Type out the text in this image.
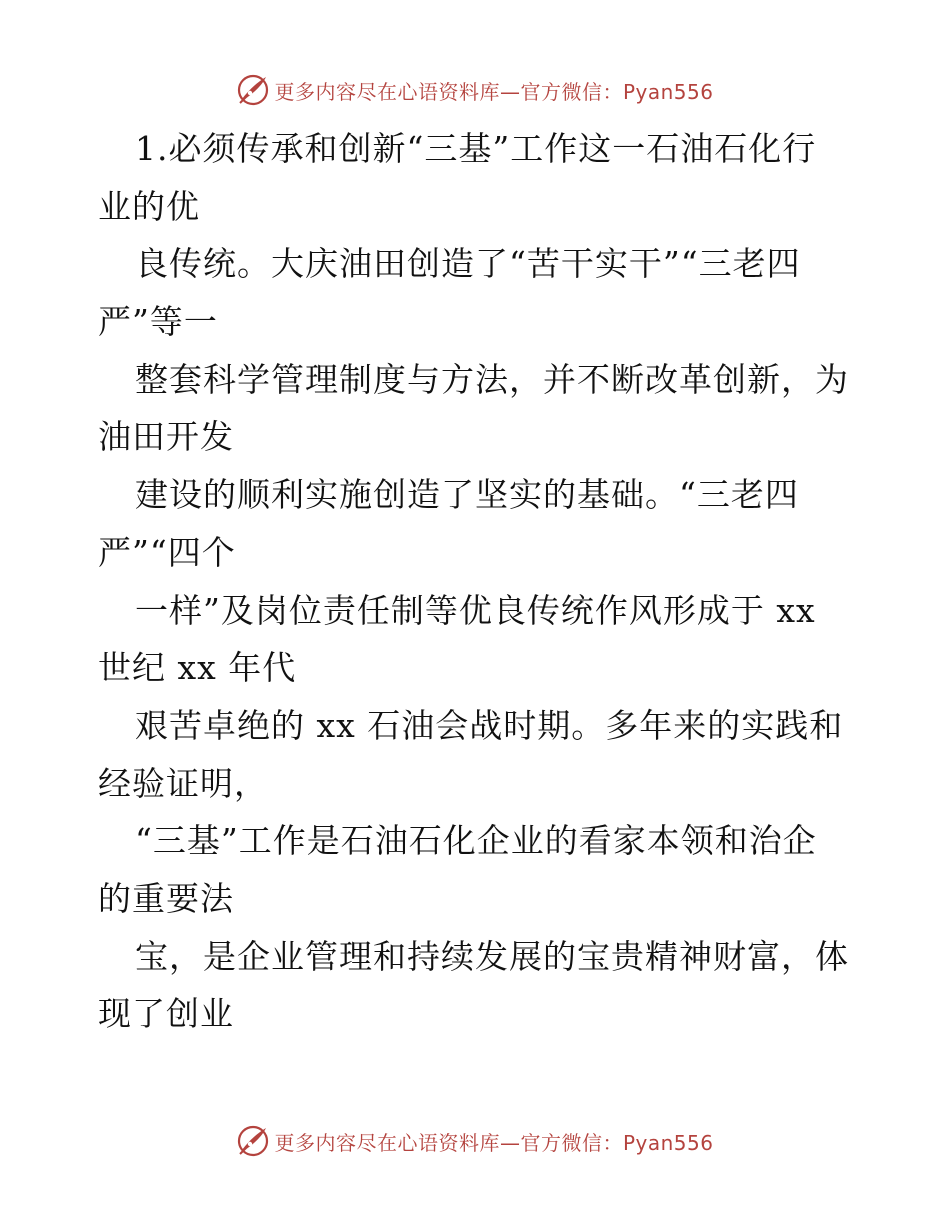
更多内容尽在心语资料库—官方微信：Pyan556
1.必须传承和创新“三基”工作这一石油石化行
业的优
良传统。大庆油田创造了“苦干实干”“三老四
严”等一
整套科学管理制度与方法，并不断改革创新，为
油田开发
建设的顺利实施创造了坚实的基础。“三老四
严”“四个
一样”及岗位责任制等优良传统作风形成于 xx
世纪 xx 年代
艰苦卓绝的 xx 石油会战时期。多年来的实践和
经验证明，
“三基”工作是石油石化企业的看家本领和治企
的重要法
宝，是企业管理和持续发展的宝贵精神财富，体
现了创业
更多内容尽在心语资料库—官方微信：Pyan556
